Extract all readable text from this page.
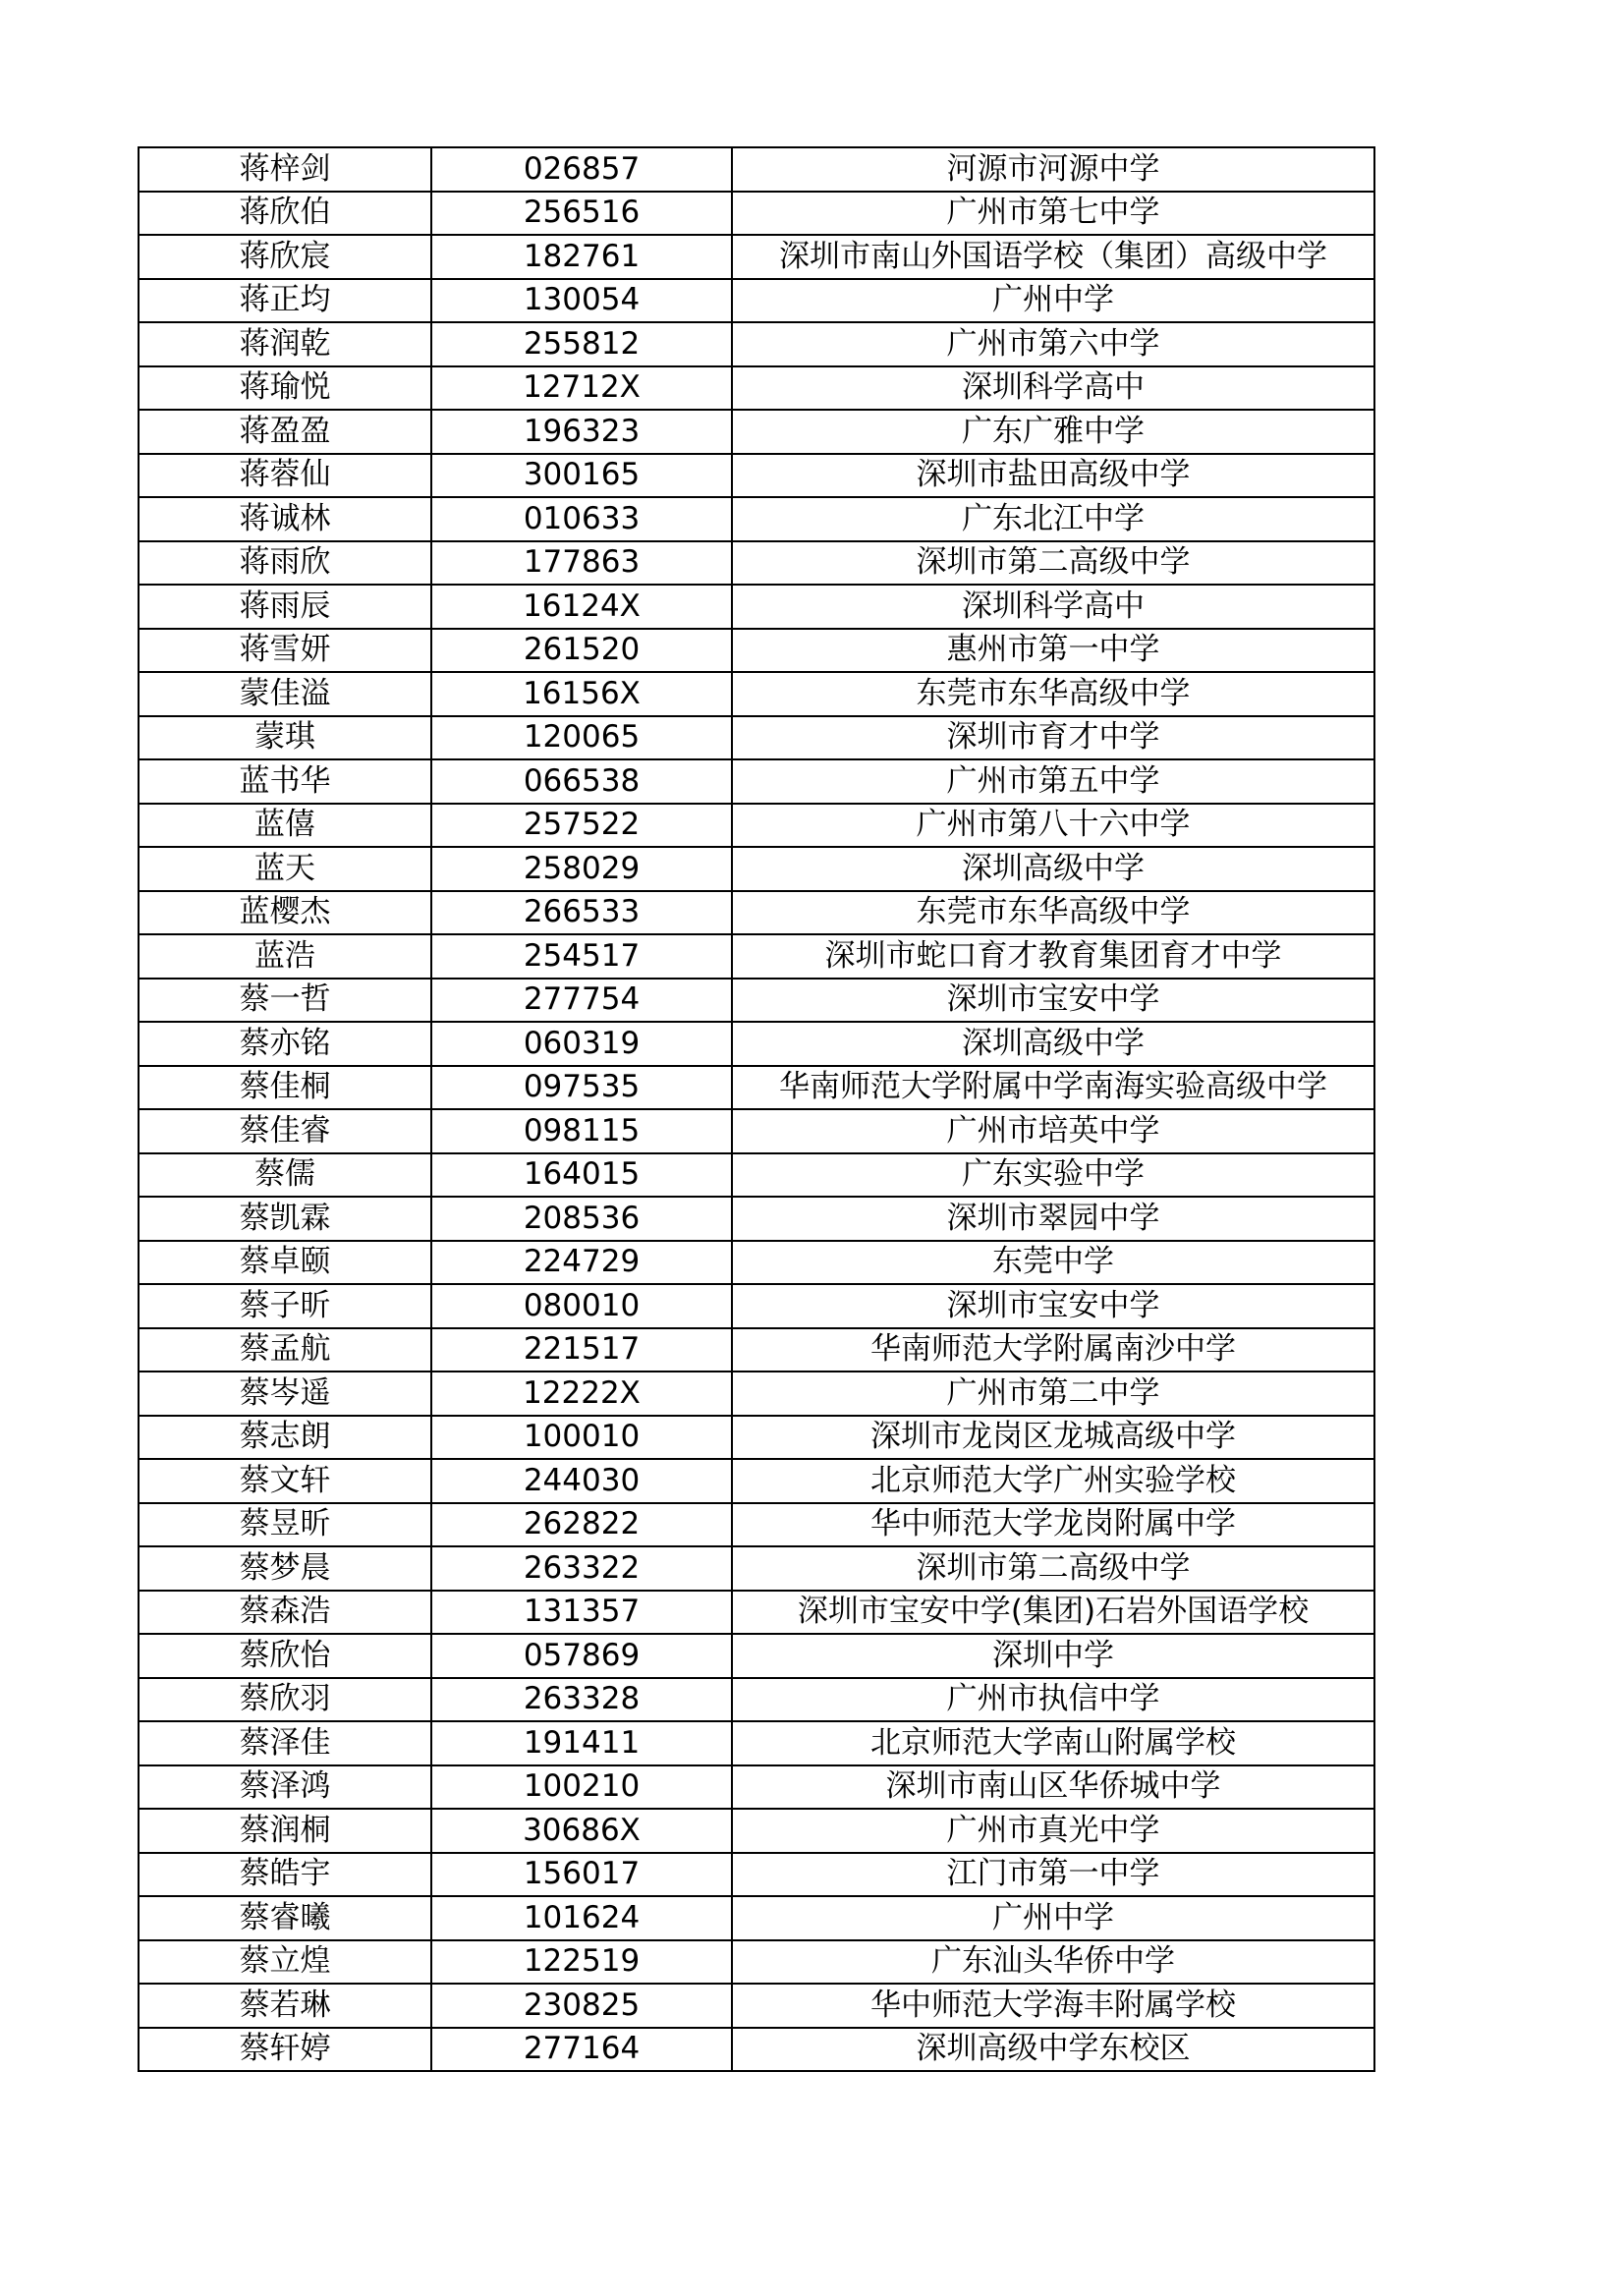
蒋梓剑	026857	河源市河源中学
蒋欣伯	256516	广州市第七中学
蒋欣宸	182761	深圳市南山外国语学校（集团）高级中学
蒋正均	130054	广州中学
蒋润乾	255812	广州市第六中学
蒋瑜悦	12712X	深圳科学高中
蒋盈盈	196323	广东广雅中学
蒋蓉仙	300165	深圳市盐田高级中学
蒋诚林	010633	广东北江中学
蒋雨欣	177863	深圳市第二高级中学
蒋雨辰	16124X	深圳科学高中
蒋雪妍	261520	惠州市第一中学
蒙佳溢	16156X	东莞市东华高级中学
蒙琪	120065	深圳市育才中学
蓝书华	066538	广州市第五中学
蓝僖	257522	广州市第八十六中学
蓝天	258029	深圳高级中学
蓝樱杰	266533	东莞市东华高级中学
蓝浩	254517	深圳市蛇口育才教育集团育才中学
蔡一哲	277754	深圳市宝安中学
蔡亦铭	060319	深圳高级中学
蔡佳桐	097535	华南师范大学附属中学南海实验高级中学
蔡佳睿	098115	广州市培英中学
蔡儒	164015	广东实验中学
蔡凯霖	208536	深圳市翠园中学
蔡卓颐	224729	东莞中学
蔡子昕	080010	深圳市宝安中学
蔡孟航	221517	华南师范大学附属南沙中学
蔡岑遥	12222X	广州市第二中学
蔡志朗	100010	深圳市龙岗区龙城高级中学
蔡文轩	244030	北京师范大学广州实验学校
蔡昱昕	262822	华中师范大学龙岗附属中学
蔡梦晨	263322	深圳市第二高级中学
蔡森浩	131357	深圳市宝安中学(集团)石岩外国语学校
蔡欣怡	057869	深圳中学
蔡欣羽	263328	广州市执信中学
蔡泽佳	191411	北京师范大学南山附属学校
蔡泽鸿	100210	深圳市南山区华侨城中学
蔡润桐	30686X	广州市真光中学
蔡皓宇	156017	江门市第一中学
蔡睿曦	101624	广州中学
蔡立煌	122519	广东汕头华侨中学
蔡若琳	230825	华中师范大学海丰附属学校
蔡轩婷	277164	深圳高级中学东校区
